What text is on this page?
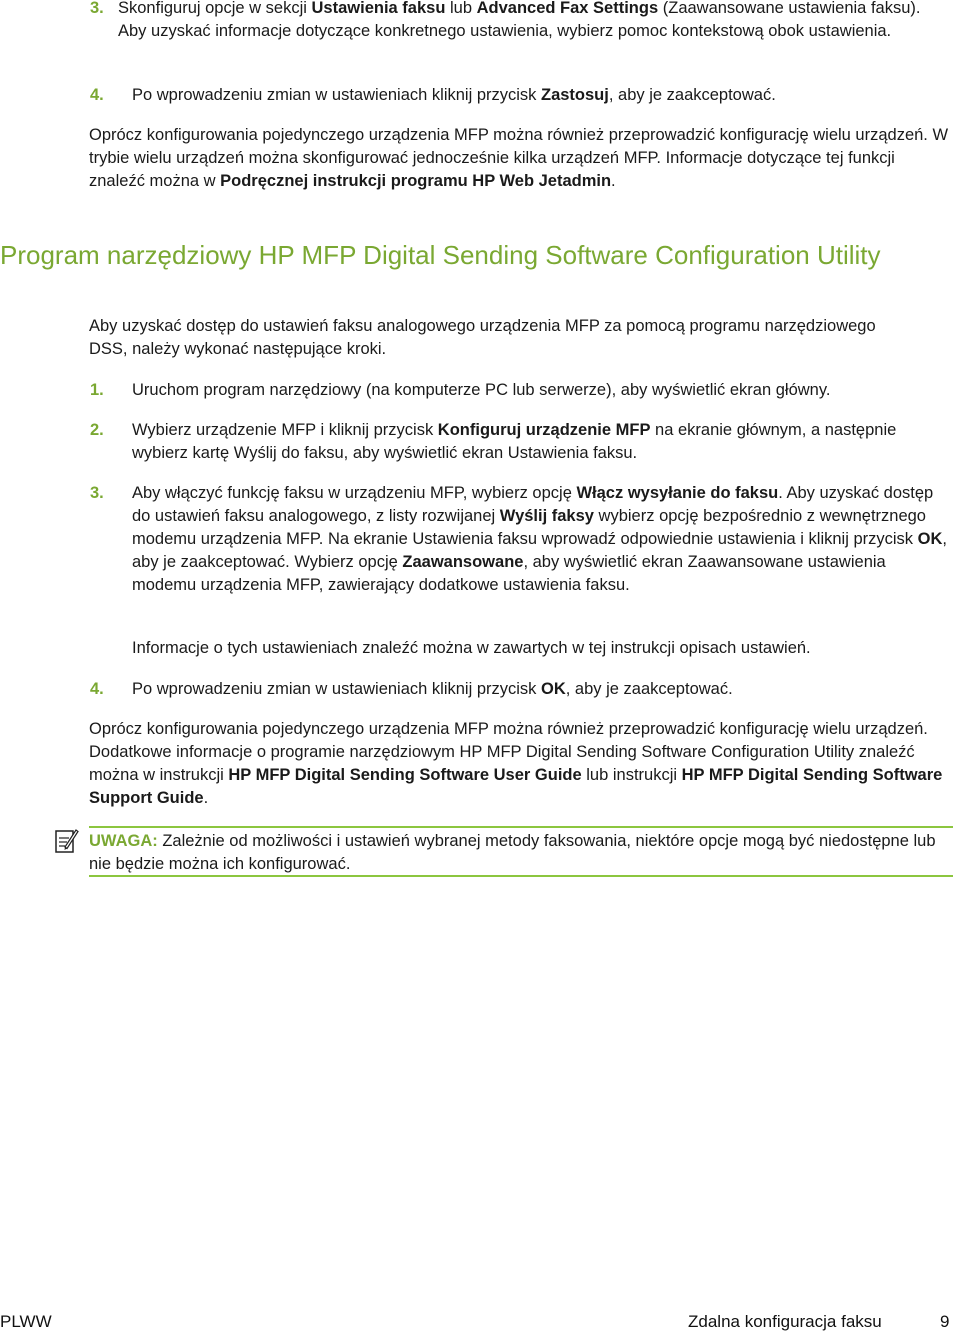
3. Skonfiguruj opcje w sekcji Ustawienia faksu lub Advanced Fax Settings (Zaawansowane ustawienia faksu). Aby uzyskać informacje dotyczące konkretnego ustawienia, wybierz pomoc kontekstową obok ustawienia.
4. Po wprowadzeniu zmian w ustawieniach kliknij przycisk Zastosuj, aby je zaakceptować.
Oprócz konfigurowania pojedynczego urządzenia MFP można również przeprowadzić konfigurację wielu urządzeń. W trybie wielu urządzeń można skonfigurować jednocześnie kilka urządzeń MFP. Informacje dotyczące tej funkcji znaleźć można w Podręcznej instrukcji programu HP Web Jetadmin.
Program narzędziowy HP MFP Digital Sending Software Configuration Utility
Aby uzyskać dostęp do ustawień faksu analogowego urządzenia MFP za pomocą programu narzędziowego DSS, należy wykonać następujące kroki.
1. Uruchom program narzędziowy (na komputerze PC lub serwerze), aby wyświetlić ekran główny.
2. Wybierz urządzenie MFP i kliknij przycisk Konfiguruj urządzenie MFP na ekranie głównym, a następnie wybierz kartę Wyślij do faksu, aby wyświetlić ekran Ustawienia faksu.
3. Aby włączyć funkcję faksu w urządzeniu MFP, wybierz opcję Włącz wysyłanie do faksu. Aby uzyskać dostęp do ustawień faksu analogowego, z listy rozwijanej Wyślij faksy wybierz opcję bezpośrednio z wewnętrznego modemu urządzenia MFP. Na ekranie Ustawienia faksu wprowadź odpowiednie ustawienia i kliknij przycisk OK, aby je zaakceptować. Wybierz opcję Zaawansowane, aby wyświetlić ekran Zaawansowane ustawienia modemu urządzenia MFP, zawierający dodatkowe ustawienia faksu.
Informacje o tych ustawieniach znaleźć można w zawartych w tej instrukcji opisach ustawień.
4. Po wprowadzeniu zmian w ustawieniach kliknij przycisk OK, aby je zaakceptować.
Oprócz konfigurowania pojedynczego urządzenia MFP można również przeprowadzić konfigurację wielu urządzeń. Dodatkowe informacje o programie narzędziowym HP MFP Digital Sending Software Configuration Utility znaleźć można w instrukcji HP MFP Digital Sending Software User Guide lub instrukcji HP MFP Digital Sending Software Support Guide.
UWAGA: Zależnie od możliwości i ustawień wybranej metody faksowania, niektóre opcje mogą być niedostępne lub nie będzie można ich konfigurować.
PLWW	Zdalna konfiguracja faksu	9
